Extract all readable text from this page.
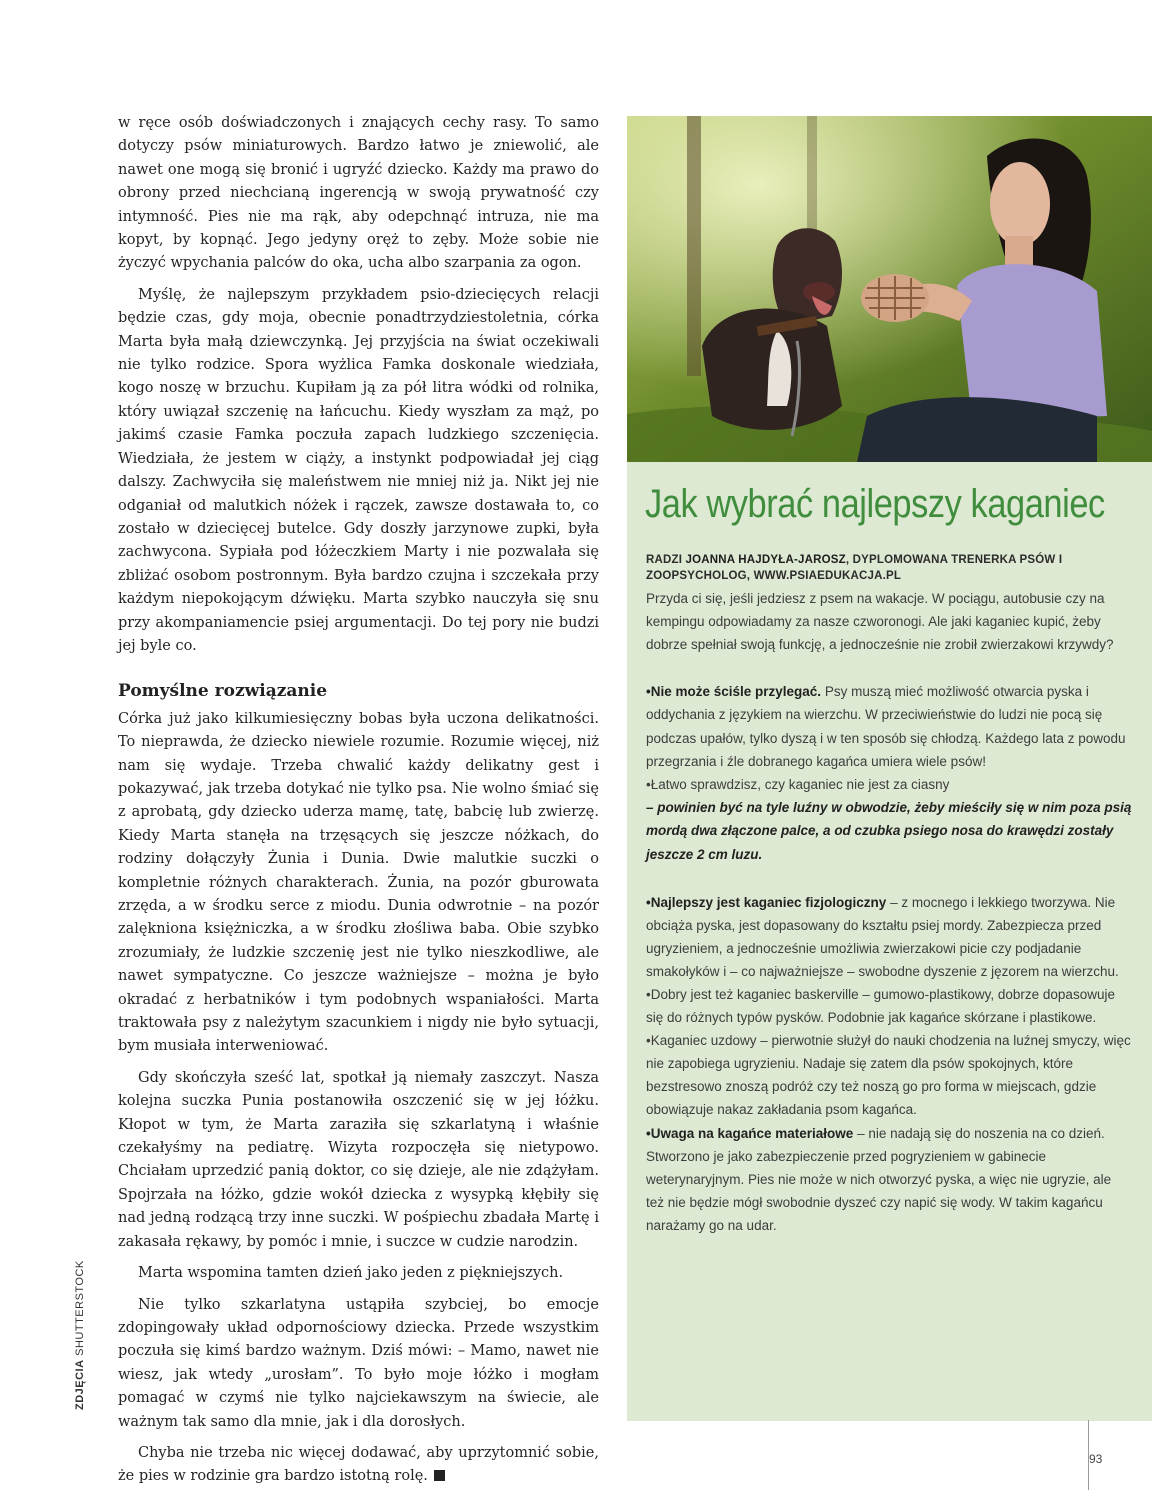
w ręce osób doświadczonych i znających cechy rasy. To samo dotyczy psów miniaturowych. Bardzo łatwo je zniewolić, ale nawet one mogą się bronić i ugryźć dziecko. Każdy ma prawo do obrony przed niechcianą ingerencją w swoją prywatność czy intymność. Pies nie ma rąk, aby odepchnąć intruza, nie ma kopyt, by kopnąć. Jego jedyny oręż to zęby. Może sobie nie życzyć wpychania palców do oka, ucha albo szarpania za ogon.

Myślę, że najlepszym przykładem psio-dziecięcych relacji będzie czas, gdy moja, obecnie ponadtrzydziestoletnia, córka Marta była małą dziewczynką. Jej przyjścia na świat oczekiwali nie tylko rodzice. Spora wyżlica Famka doskonale wiedziała, kogo noszę w brzuchu. Kupiłam ją za pół litra wódki od rolnika, który uwiązał szczenię na łańcuchu. Kiedy wyszłam za mąż, po jakimś czasie Famka poczuła zapach ludzkiego szczenięcia. Wiedziała, że jestem w ciąży, a instynkt podpowiadał jej ciąg dalszy. Zachwyciła się maleństwem nie mniej niż ja. Nikt jej nie odganiał od malutkich nóżek i rączek, zawsze dostawała to, co zostało w dziecięcej butelce. Gdy doszły jarzynowe zupki, była zachwycona. Sypiała pod łóżeczkiem Marty i nie pozwalała się zbliżać osobom postronnym. Była bardzo czujna i szczekała przy każdym niepokojącym dźwięku. Marta szybko nauczyła się snu przy akompaniamencie psiej argumentacji. Do tej pory nie budzi jej byle co.

Pomyślne rozwiązanie

Córka już jako kilkumiesięczny bobas była uczona delikatności. To nieprawda, że dziecko niewiele rozumie. Rozumie więcej, niż nam się wydaje. Trzeba chwalić każdy delikatny gest i pokazywać, jak trzeba dotykać nie tylko psa. Nie wolno śmiać się z aprobatą, gdy dziecko uderza mamę, tatę, babcię lub zwierzę. Kiedy Marta stanęła na trzęsących się jeszcze nóżkach, do rodziny dołączyły Żunia i Dunia. Dwie malutkie suczki o kompletnie różnych charakterach. Żunia, na pozór gburowata zrzęda, a w środku serce z miodu. Dunia odwrotnie – na pozór zalękniona księżniczka, a w środku złośliwa baba. Obie szybko zrozumiały, że ludzkie szczenię jest nie tylko nieszkodliwe, ale nawet sympatyczne. Co jeszcze ważniejsze – można je było okradać z herbatników i tym podobnych wspaniałości. Marta traktowała psy z należytym szacunkiem i nigdy nie było sytuacji, bym musiała interweniować.

Gdy skończyła sześć lat, spotkał ją niemały zaszczyt. Nasza kolejna suczka Punia postanowiła oszczenić się w jej łóżku. Kłopot w tym, że Marta zaraziła się szkarlatyną i właśnie czekałyśmy na pediatrę. Wizyta rozpoczęła się nietypowo. Chciałam uprzedzić panią doktor, co się dzieje, ale nie zdążyłam. Spojrzała na łóżko, gdzie wokół dziecka z wysypką kłębiły się nad jedną rodzącą trzy inne suczki. W pośpiechu zbadała Martę i zakasała rękawy, by pomóc i mnie, i suczce w cudzie narodzin.

Marta wspomina tamten dzień jako jeden z piękniejszych.

Nie tylko szkarlatyna ustąpiła szybciej, bo emocje zdopingowały układ odpornościowy dziecka. Przede wszystkim poczuła się kimś bardzo ważnym. Dziś mówi: – Mamo, nawet nie wiesz, jak wtedy „urosłam”. To było moje łóżko i mogłam pomagać w czymś nie tylko najciekawszym na świecie, ale ważnym tak samo dla mnie, jak i dla dorosłych.

Chyba nie trzeba nic więcej dodawać, aby uprzytomnić sobie, że pies w rodzinie gra bardzo istotną rolę.

ZDJĘCIA SHUTTERSTOCK
Jak wybrać najlepszy kaganiec
RADZI JOANNA HAJDYŁA-JAROSZ, DYPLOMOWANA TRENERKA PSÓW I ZOOPSYCHOLOG, WWW.PSIAEDUKACJA.PL
Przyda ci się, jeśli jedziesz z psem na wakacje. W pociągu, autobusie czy na kempingu odpowiadamy za nasze czworonogi. Ale jaki kaganiec kupić, żeby dobrze spełniał swoją funkcję, a jednocześnie nie zrobił zwierzakowi krzywdy?

•Nie może ściśle przylegać. Psy muszą mieć możliwość otwarcia pyska i oddychania z językiem na wierzchu. W przeciwieństwie do ludzi nie pocą się podczas upałów, tylko dyszą i w ten sposób się chłodzą. Każdego lata z powodu przegrzania i źle dobranego kagańca umiera wiele psów!

•Łatwo sprawdzisz, czy kaganiec nie jest za ciasny

– powinien być na tyle luźny w obwodzie, żeby mieściły się w nim poza psią mordą dwa złączone palce, a od czubka psiego nosa do krawędzi zostały jeszcze 2 cm luzu.

•Najlepszy jest kaganiec fizjologiczny – z mocnego i lekkiego tworzywa. Nie obciąża pyska, jest dopasowany do kształtu psiej mordy. Zabezpiecza przed ugryzieniem, a jednocześnie umożliwia zwierzakowi picie czy podjadanie smakołyków i – co najważniejsze – swobodne dyszenie z jęzorem na wierzchu.

•Dobry jest też kaganiec baskerville – gumowo-plastikowy, dobrze dopasowuje się do różnych typów pysków. Podobnie jak kagańce skórzane i plastikowe.

•Kaganiec uzdowy – pierwotnie służył do nauki chodzenia na luźnej smyczy, więc nie zapobiega ugryzieniu. Nadaje się zatem dla psów spokojnych, które bezstresowo znoszą podróż czy też noszą go pro forma w miejscach, gdzie obowiązuje nakaz zakładania psom kagańca.

•Uwaga na kagańce materiałowe – nie nadają się do noszenia na co dzień. Stworzono je jako zabezpieczenie przed pogryzieniem w gabinecie weterynaryjnym. Pies nie może w nich otworzyć pyska, a więc nie ugryzie, ale też nie będzie mógł swobodnie dyszeć czy napić się wody. W takim kagańcu narażamy go na udar.

93
